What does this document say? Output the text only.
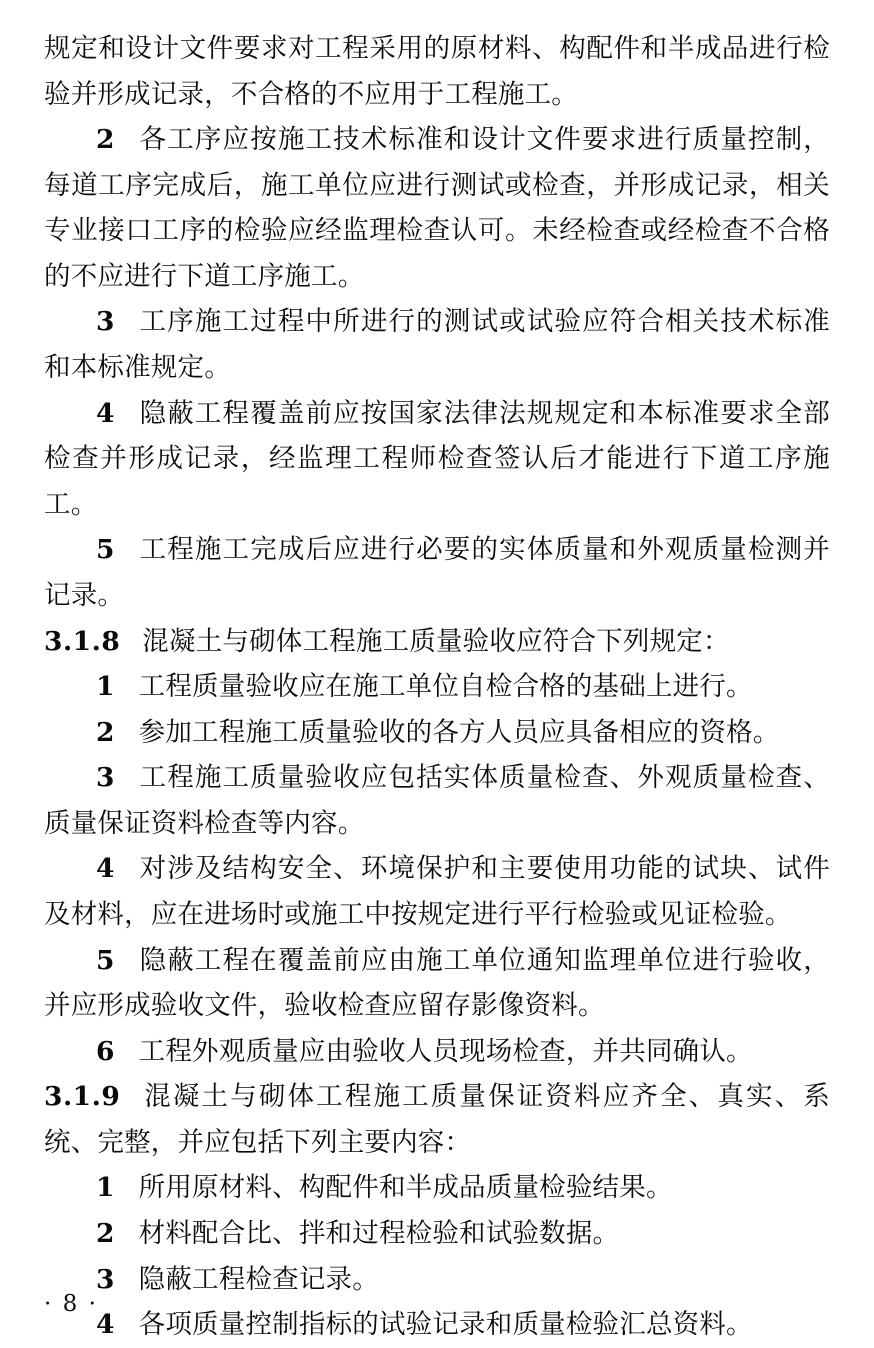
规定和设计文件要求对工程采用的原材料、构配件和半成品进行检验并形成记录，不合格的不应用于工程施工。

2 各工序应按施工技术标准和设计文件要求进行质量控制，每道工序完成后，施工单位应进行测试或检查，并形成记录，相关专业接口工序的检验应经监理检查认可。未经检查或经检查不合格的不应进行下道工序施工。

3 工序施工过程中所进行的测试或试验应符合相关技术标准和本标准规定。

4 隐蔽工程覆盖前应按国家法律法规规定和本标准要求全部检查并形成记录，经监理工程师检查签认后才能进行下道工序施工。

5 工程施工完成后应进行必要的实体质量和外观质量检测并记录。

3.1.8 混凝土与砌体工程施工质量验收应符合下列规定：

1 工程质量验收应在施工单位自检合格的基础上进行。

2 参加工程施工质量验收的各方人员应具备相应的资格。

3 工程施工质量验收应包括实体质量检查、外观质量检查、质量保证资料检查等内容。

4 对涉及结构安全、环境保护和主要使用功能的试块、试件及材料，应在进场时或施工中按规定进行平行检验或见证检验。

5 隐蔽工程在覆盖前应由施工单位通知监理单位进行验收，并应形成验收文件，验收检查应留存影像资料。

6 工程外观质量应由验收人员现场检查，并共同确认。

3.1.9 混凝土与砌体工程施工质量保证资料应齐全、真实、系统、完整，并应包括下列主要内容：

1 所用原材料、构配件和半成品质量检验结果。

2 材料配合比、拌和过程检验和试验数据。

3 隐蔽工程检查记录。

4 各项质量控制指标的试验记录和质量检验汇总资料。

· 8 ·
